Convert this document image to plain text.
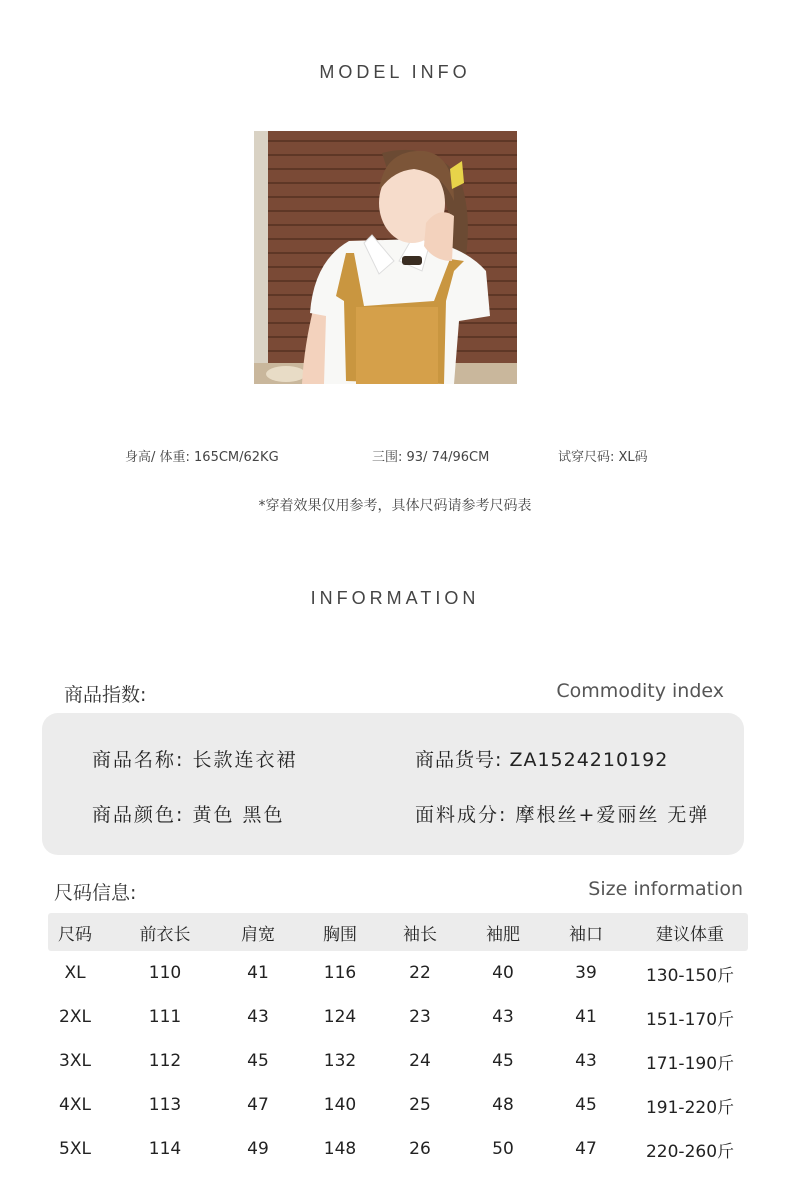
MODEL INFO
身高/ 体重: 165CM/62KG	三围: 93/ 74/96CM	试穿尺码: XL码
*穿着效果仅用参考，具体尺码请参考尺码表
INFORMATION
商品指数:	Commodity index
商品名称: 长款连衣裙	商品货号: ZA1524210192
商品颜色: 黄色 黑色	面料成分: 摩根丝+爱丽丝 无弹
尺码信息:	Size information
尺码	前衣长	肩宽	胸围	袖长	袖肥	袖口	建议体重
XL	110	41	116	22	40	39	130-150斤
2XL	111	43	124	23	43	41	151-170斤
3XL	112	45	132	24	45	43	171-190斤
4XL	113	47	140	25	48	45	191-220斤
5XL	114	49	148	26	50	47	220-260斤
